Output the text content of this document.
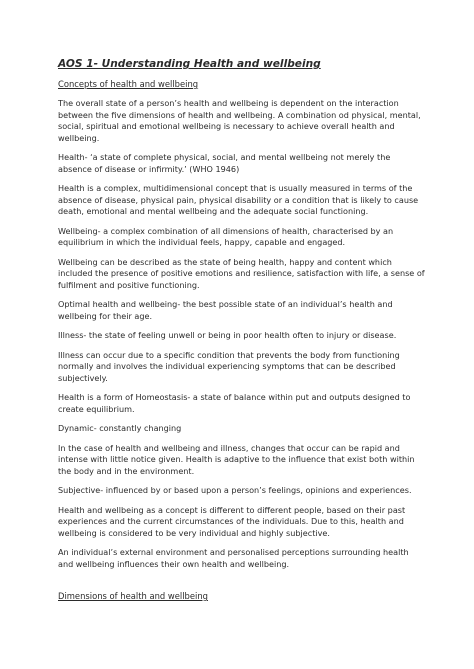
AOS 1- Understanding Health and wellbeing
Concepts of health and wellbeing

The overall state of a person’s health and wellbeing is dependent on the interaction between the five dimensions of health and wellbeing. A combination od physical, mental, social, spiritual and emotional wellbeing is necessary to achieve overall health and wellbeing.

Health- ‘a state of complete physical, social, and mental wellbeing not merely the absence of disease or infirmity.’ (WHO 1946)

Health is a complex, multidimensional concept that is usually measured in terms of the absence of disease, physical pain, physical disability or a condition that is likely to cause death, emotional and mental wellbeing and the adequate social functioning.

Wellbeing- a complex combination of all dimensions of health, characterised by an equilibrium in which the individual feels, happy, capable and engaged.

Wellbeing can be described as the state of being health, happy and content which included the presence of positive emotions and resilience, satisfaction with life, a sense of fulfilment and positive functioning.

Optimal health and wellbeing- the best possible state of an individual’s health and wellbeing for their age.

Illness- the state of feeling unwell or being in poor health often to injury or disease.

Illness can occur due to a specific condition that prevents the body from functioning normally and involves the individual experiencing symptoms that can be described subjectively.

Health is a form of Homeostasis- a state of balance within put and outputs designed to create equilibrium.

Dynamic- constantly changing

In the case of health and wellbeing and illness, changes that occur can be rapid and intense with little notice given. Health is adaptive to the influence that exist both within the body and in the environment.

Subjective- influenced by or based upon a person’s feelings, opinions and experiences.

Health and wellbeing as a concept is different to different people, based on their past experiences and the current circumstances of the individuals. Due to this, health and wellbeing is considered to be very individual and highly subjective.

An individual’s external environment and personalised perceptions surrounding health and wellbeing influences their own health and wellbeing.

Dimensions of health and wellbeing
